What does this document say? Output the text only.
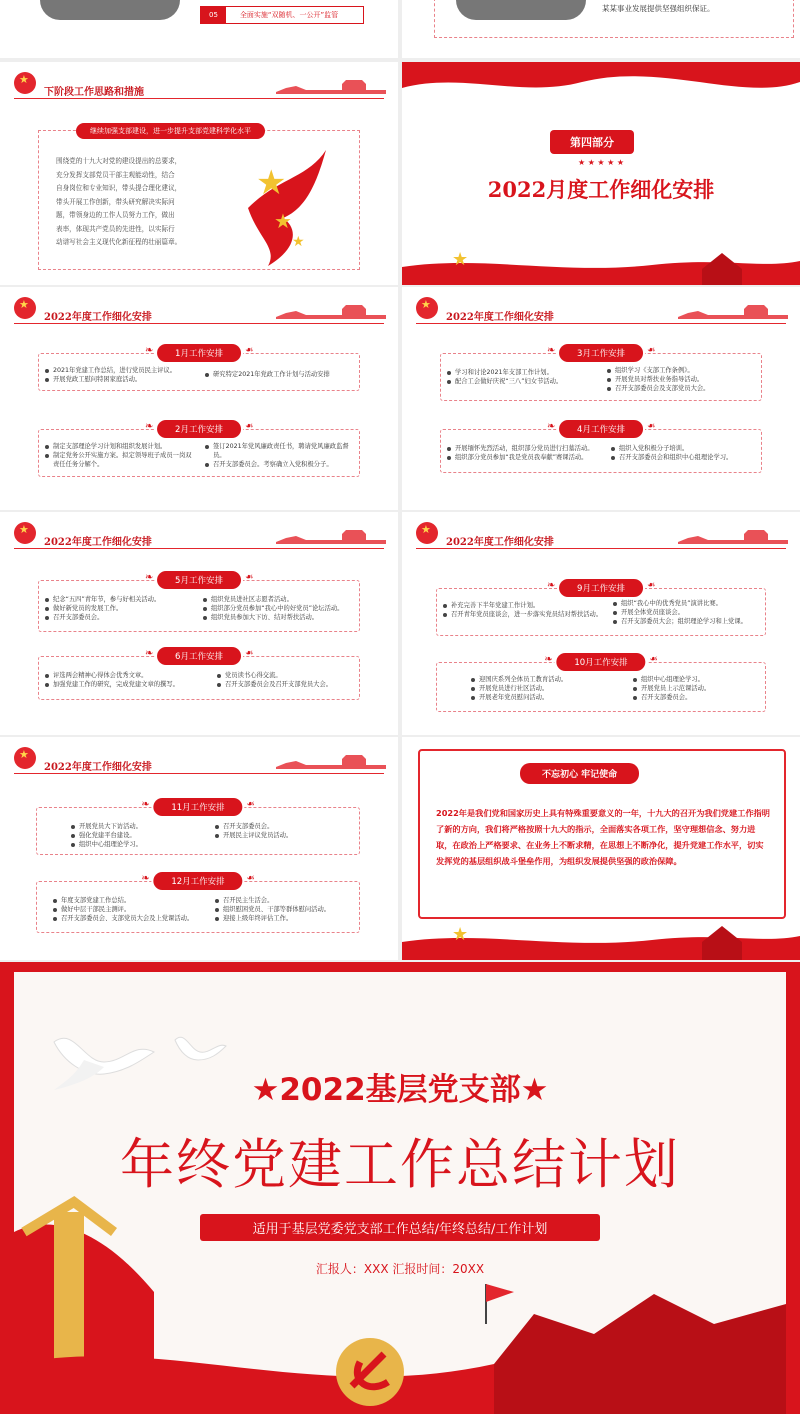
05	全面实施“双随机、一公开”监管
某某事业发展提供坚强组织保证。
★
下阶段工作思路和措施
继续加强支部建设，进一步提升支部党建科学化水平
围绕党的十九大对党的建设提出的总要求，
充分发挥支部党员干部主观能动性，结合
自身岗位和专业知识，带头提合理化建议，
带头开展工作创新，带头研究解决实际问
题，带领身边的工作人员努力工作，做出
表率，体现共产党员的先进性，以实际行
动谱写社会主义现代化新征程的壮丽篇章。
★
★
★
第四部分
★ ★ ★ ★ ★
2022月度工作细化安排
★
★
2022年度工作细化安排
❧ 1月工作安排 ❧
2021年党建工作总结，进行党员民主评议。
开展党政工慰问特困家庭活动。
研究特定2021年党政工作计划与活动安排
❧ 2月工作安排 ❧
制定支部理论学习计划和组织发展计划。
制定党务公开实施方案。拟定领导班子成员一岗双责任任务分解个。
签订2021年党风廉政责任书，聘请党风廉政监督员。
召开支部委员会。考察确立入党积极分子。
★
2022年度工作细化安排
❧ 3月工作安排 ❧
学习和讨论2021年支部工作计划。
配合工会做好庆祝“三八”妇女节活动。
组织学习《支部工作条例》。
开展党员对帮扶业务指导活动。
召开支部委员会及支部党员大会。
❧ 4月工作安排 ❧
开展缅怀先烈活动，组织部分党员进行扫墓活动。
组织部分党员参加“我是党员我奉献”赛课活动。
组织入党积极分子培训。
召开支部委员会和组织中心组理论学习。
★
2022年度工作细化安排
❧ 5月工作安排 ❧
纪念“五四”青年节，参与好相关活动。
做好新党员的发展工作。
召开支部委员会。
组织党员进社区志愿者活动。
组织部分党员参加“我心中的好党员”论坛活动。
组织党员参加大下访、结对帮扶活动。
❧ 6月工作安排 ❧
评选两会精神心得体会优秀文章。
加强党建工作的研究，完成党建文章的撰写。
党员读书心得交流。
召开支部委员会及召开支部党员大会。
★
2022年度工作细化安排
❧ 9月工作安排 ❧
补充完善下半年党建工作计划。
召开青年党员座谈会，进一步落实党员结对帮扶活动。
组织“我心中的优秀党员”演讲比赛。
开展全体党员座谈会。
召开支部委员大会；组织理论学习和上党课。
❧ 10月工作安排 ❧
迎国庆系列全体员工教育活动。
开展党员进行社区活动。
开展老年党员慰问活动。
组织中心组理论学习。
开展党员上示范课活动。
召开支部委员会。
★
2022年度工作细化安排
❧ 11月工作安排 ❧
开展党员大下访活动。
强化党建平台建设。
组织中心组理论学习。
召开支部委员会。
开展民主评议党员活动。
❧ 12月工作安排 ❧
年度支部党建工作总结。
做好中层干部民主测评。
召开支部委员会、支部党员大会及上党课活动。
召开民主生活会。
组织慰困党员、干部等群体慰问活动。
迎接上级年终评估工作。
不忘初心 牢记使命
2022年是我们党和国家历史上具有特殊重要意义的一年，十九大的召开为我们党建工作指明了新的方向，我们将严格按照十九大的指示，全面落实各项工作，坚守理想信念、努力进取，在政治上严格要求、在业务上不断求精，在思想上不断净化，提升党建工作水平，切实发挥党的基层组织战斗堡垒作用，为组织发展提供坚强的政治保障。
★
★2022基层党支部★
年终党建工作总结计划
适用于基层党委党支部工作总结/年终总结/工作计划
汇报人：XXX 汇报时间：20XX
